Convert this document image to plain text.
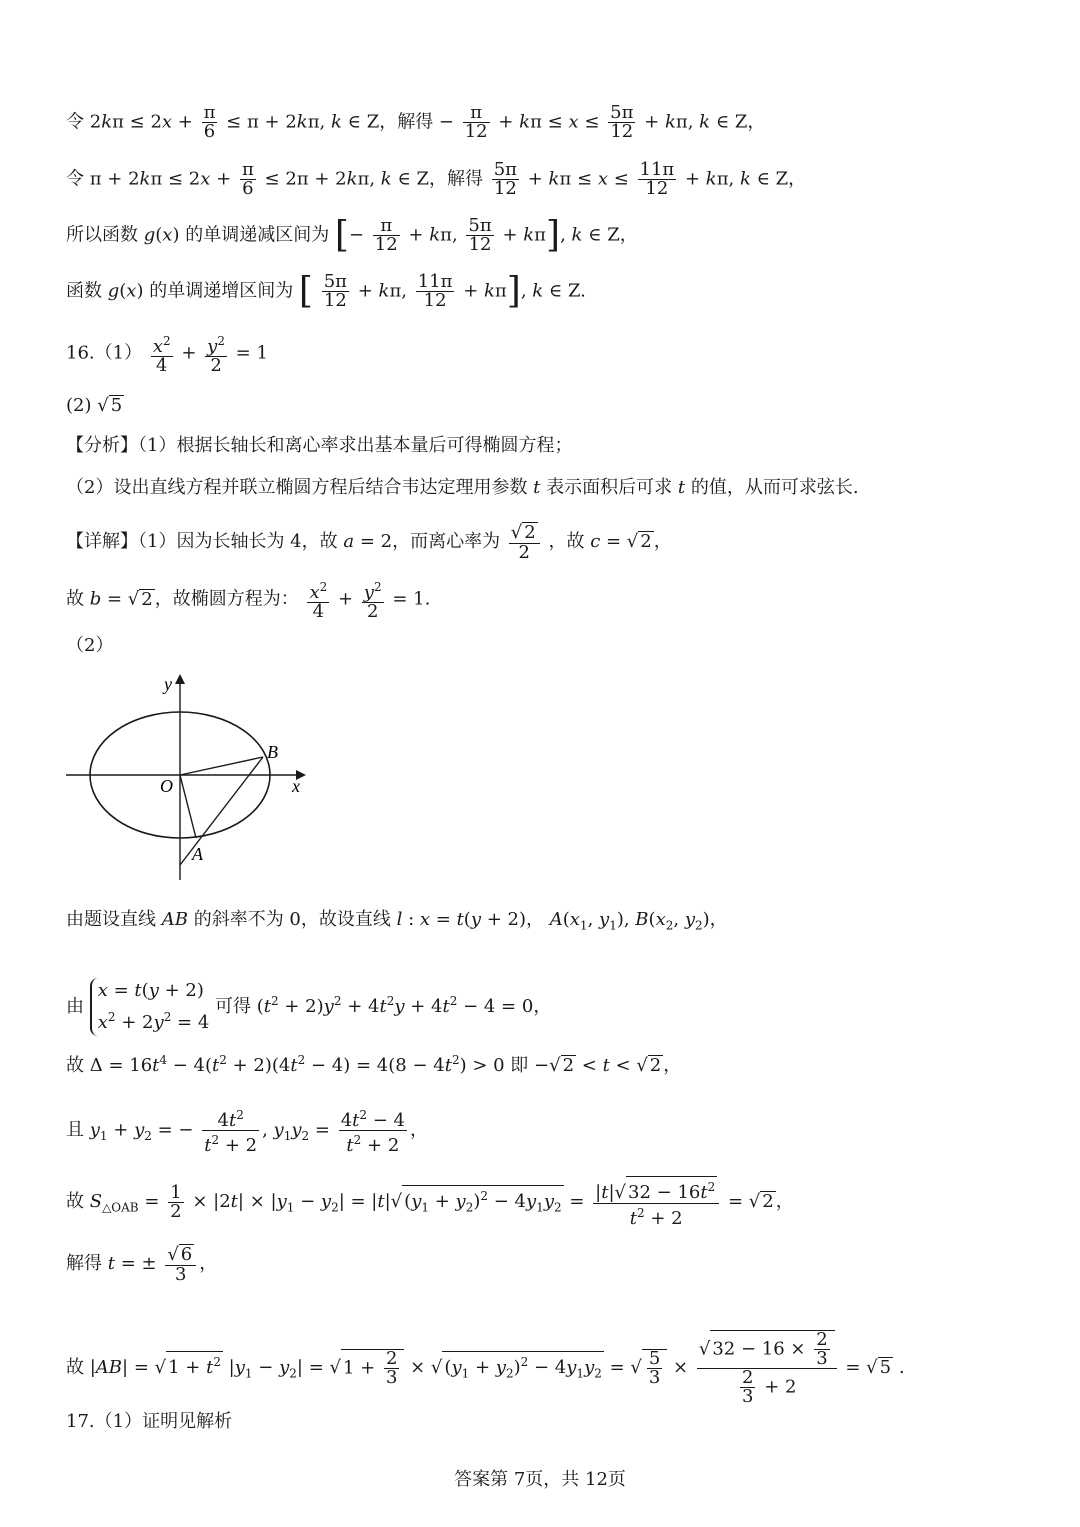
令 $2k\pi \le 2x + \frac{\pi}{6} \le \pi + 2k\pi$, k ∈ Z，解得 − $\frac{\pi}{12} + k\pi \le x \le \frac{5\pi}{12} + k\pi$, k ∈ Z，
令 $\pi + 2k\pi \le 2x + \frac{\pi}{6} \le 2\pi + 2k\pi$, k ∈ Z，解得 $\frac{5\pi}{12} + k\pi \le x \le \frac{11\pi}{12} + k\pi$, k ∈ Z，
所以函数 g(x) 的单调递减区间为 [− $\frac{\pi}{12} + k\pi$, $\frac{5\pi}{12} + k\pi$], k ∈ Z，
函数 g(x) 的单调递增区间为 [ $\frac{5\pi}{12} + k\pi$, $\frac{11\pi}{12} + k\pi$], k ∈ Z.
$16.(1) \frac{x^2}{4} + \frac{y^2}{2} = 1$
(2) √ 5
【分析】（1）根据长轴长和离心率求出基本量后可得椭圆方程；
（2）设出直线方程并联立椭圆方程后结合韦达定理用参数 t 表示面积后可求 t 的值，从而可求弦长.
【详解】（1）因为长轴长为 4，故 a = 2，而离心率为 $\frac{√ 2}{2}$ ，故 c = √ 2 ，
故 b = √ 2 ，故椭圆方程为： $\frac{x^2}{4} + \frac{y^2}{2} = 1$.
（2）
y
x
O
B
A
由题设直线 AB 的斜率不为 0，故设直线 l : x = t(y + 2)， $A(x_1$, $y_1$), $B(x_2$, $y_2$)，
由
x = t(y + 2)
$x^2 + 2y^2 = 4$
可得 $(t^2 + 2)y^2 + 4t^2y + 4t^2 - 4 = 0$，
故 $\Delta = 16t^4 - 4(t^2 + 2)(4t^2 - 4) = 4(8 - 4t^2) > 0$ 即 −√ 2 < t < √ 2 ，
且 $y_1 + y_2$ = − $\frac{4t^2}{t^2 + 2}$ , $y_1y_2 = \frac{4t^2 - 4}{t^2 + 2}$ ，
故 $S_{\triangle OAB} = \frac{1}{2} \times |2t| \times |y_1 - y_2| = |t|√$ $(y_1 + y_2)^2 - 4y_1y_2 = \frac{|t|√ 32 - 16t^2}{t^2 + 2}$ = √ 2 ，
解得 t = ± $\frac{√ 6}{3}$ ，
故 |AB| = √ $1 + t^2$ $|y_1 - y_2|$ = √ $1 + \frac{2}{3}$ × √ $(y_1 + y_2)^2 - 4y_1y_2$ = √ $\frac{5}{3} \times \frac{√ 32 - 16 \times \frac{2}{3}}{\frac{2}{3} + 2}$ = √ 5 .
17.（1）证明见解析
答案第 7页，共 12页
